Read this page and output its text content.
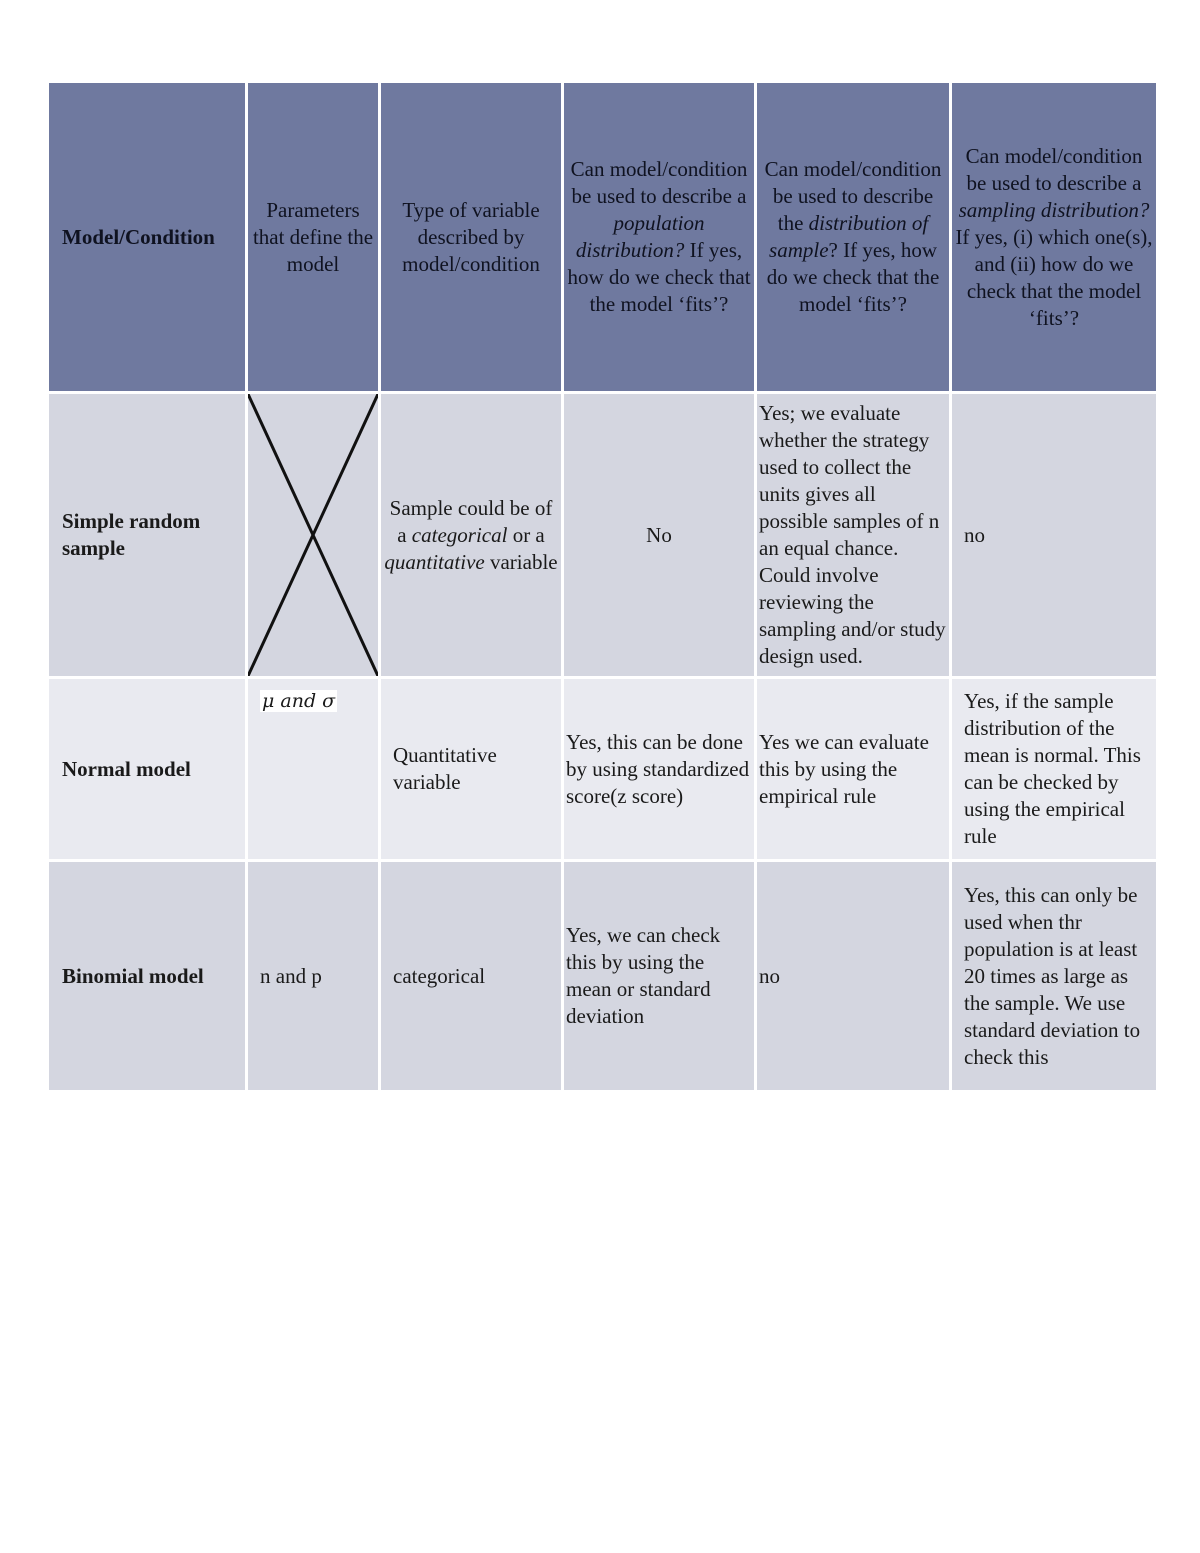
Model/Condition	Parameters that define the model	Type of variable described by model/condition	Can model/condition be used to describe a population distribution? If yes, how do we check that the model ‘fits’?	Can model/condition be used to describe the distribution of sample? If yes, how do we check that the model ‘fits’?	Can model/condition be used to describe a sampling distribution? If yes, (i) which one(s), and (ii) how do we check that the model ‘fits’?
Simple random sample		Sample could be of a categorical or a quantitative variable	No	Yes; we evaluate whether the strategy used to collect the units gives all possible samples of n an equal chance. Could involve reviewing the sampling and/or study design used.	no
Normal model	μ and σ	Quantitative variable	Yes, this can be done by using standardized score(z score)	Yes we can evaluate this by using the empirical rule	Yes, if the sample distribution of the mean is normal. This can be checked by using the empirical rule
Binomial model	n and p	categorical	Yes, we can check this by using the mean or standard deviation	no	Yes, this can only be used when thr population is at least 20 times as large as the sample. We use standard deviation to check this
